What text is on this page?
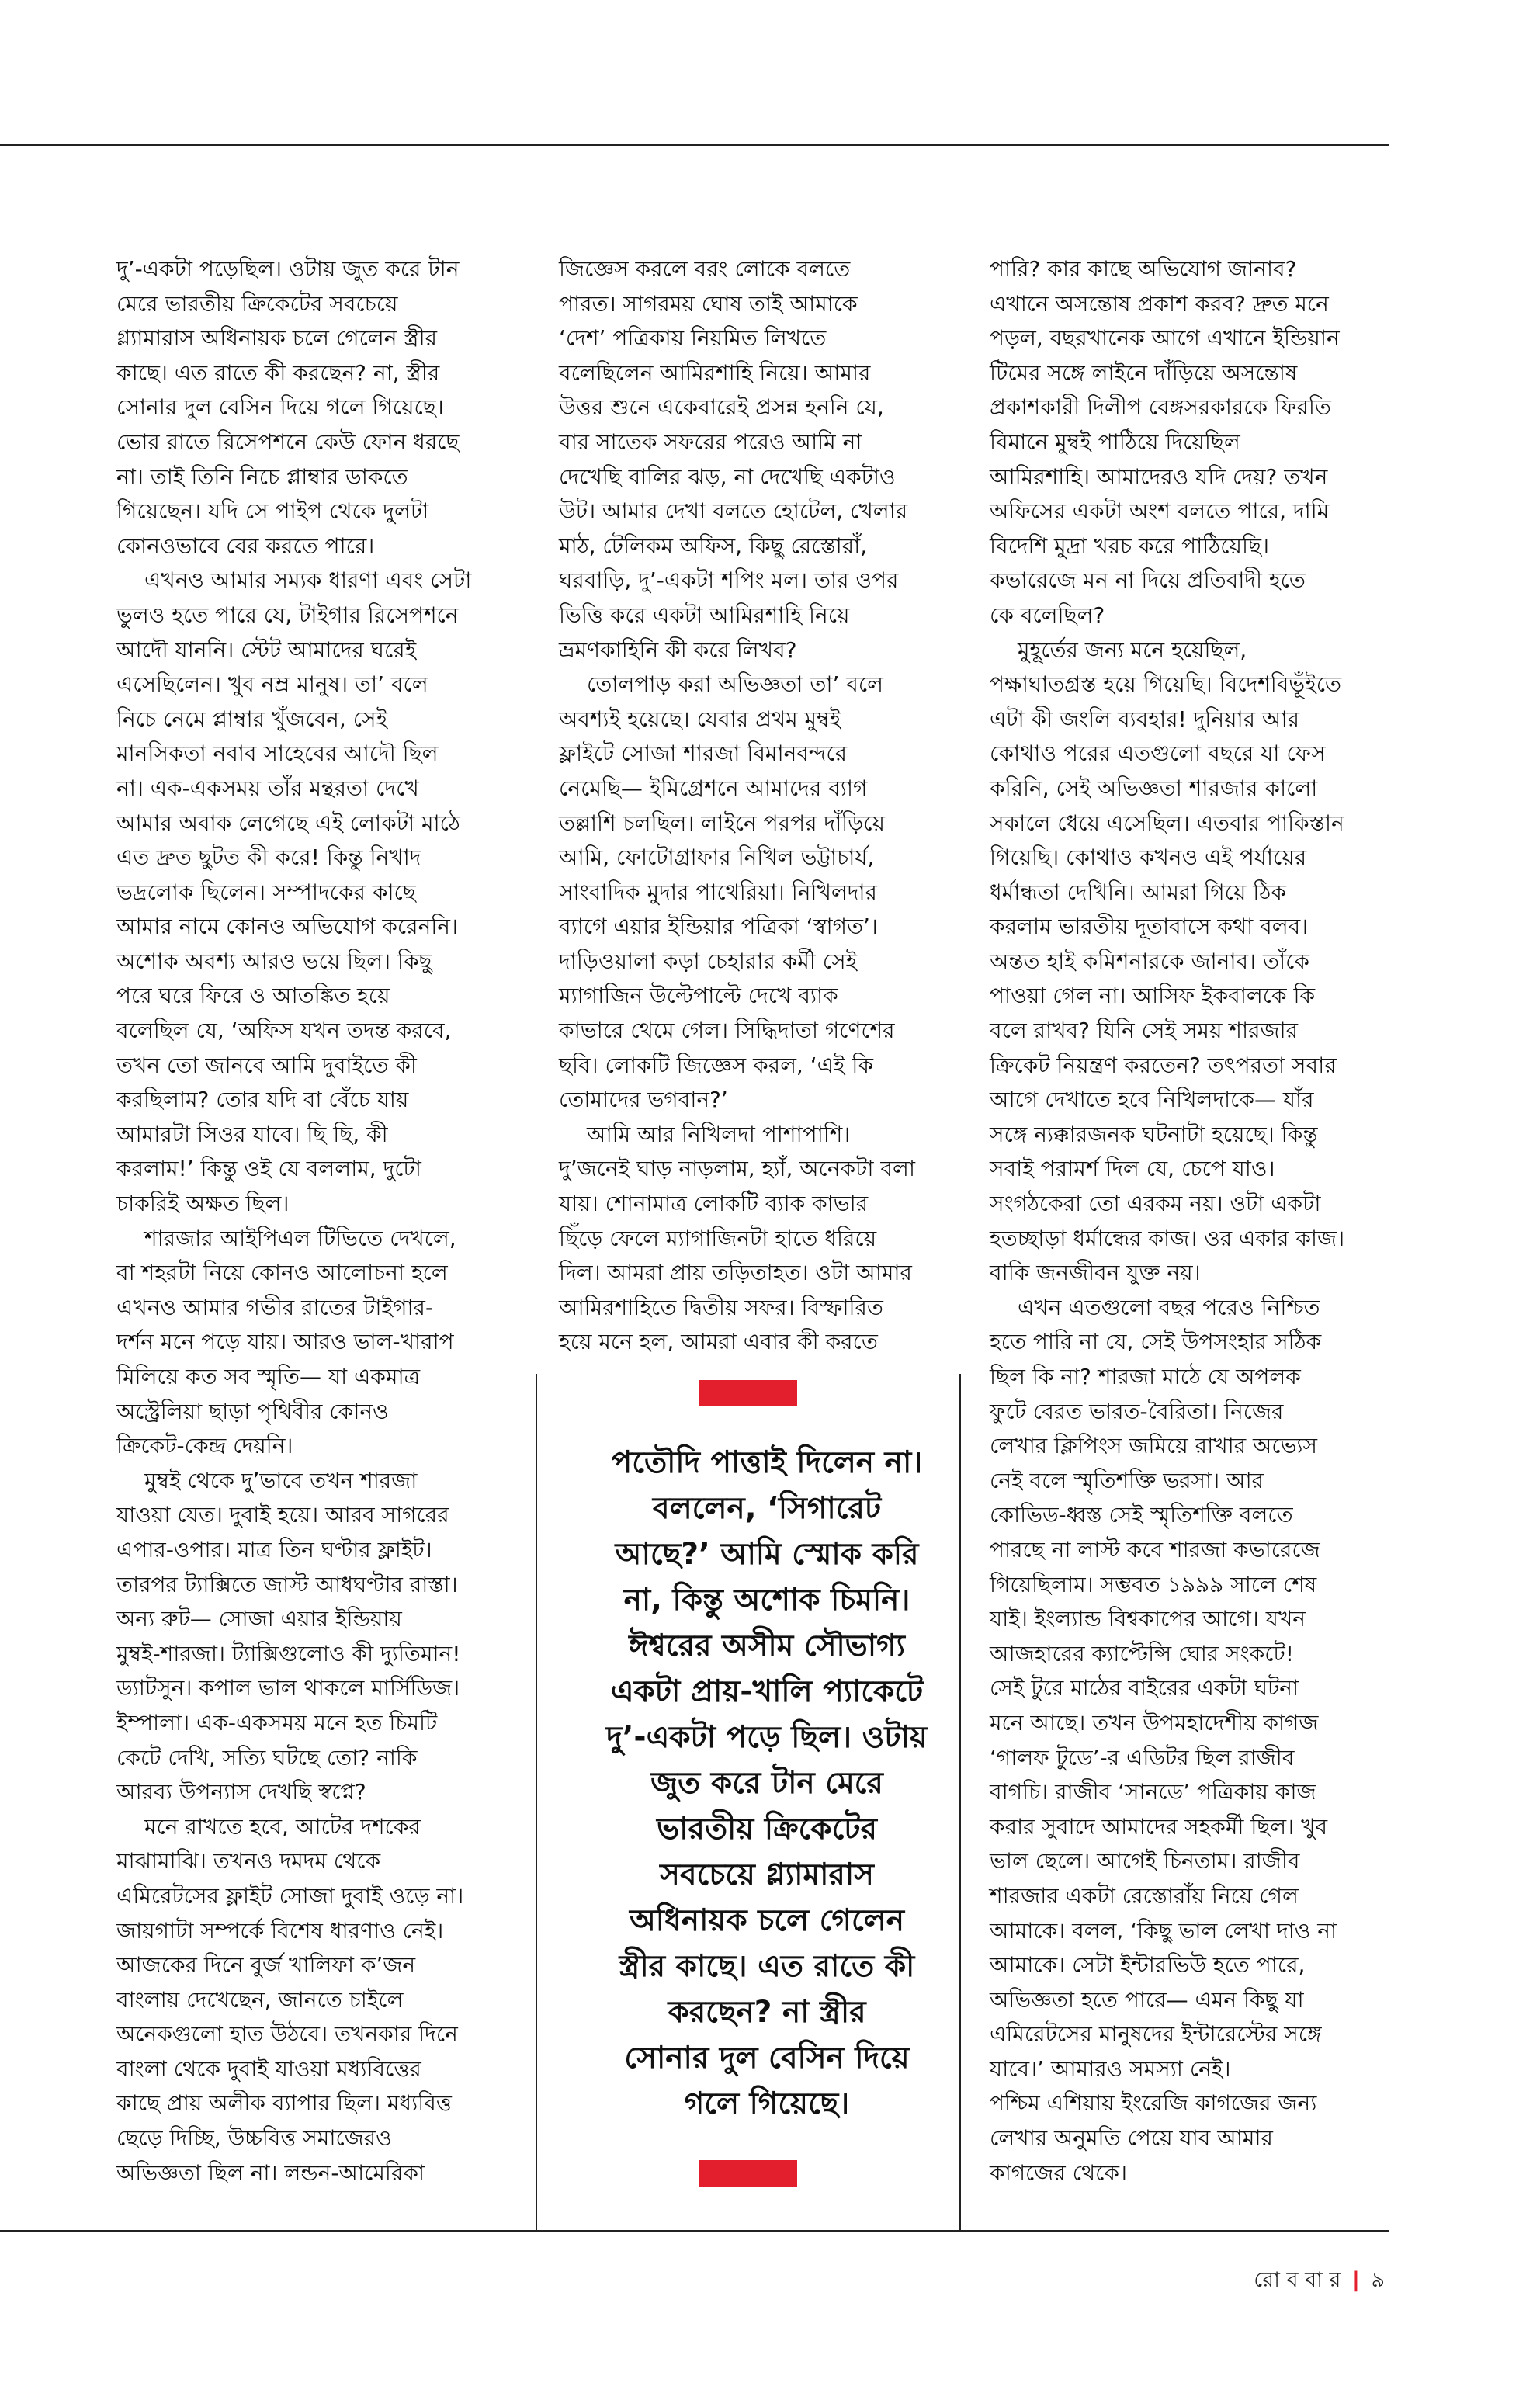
দু’-একটা পড়েছিল। ওটায় জুত করে টান
মেরে ভারতীয় ক্রিকেটের সবচেয়ে
গ্ল্যামারাস অধিনায়ক চলে গেলেন স্ত্রীর
কাছে। এত রাতে কী করছেন? না, স্ত্রীর
সোনার দুল বেসিন দিয়ে গলে গিয়েছে।
ভোর রাতে রিসেপশনে কেউ ফোন ধরছে
না। তাই তিনি নিচে প্লাম্বার ডাকতে
গিয়েছেন। যদি সে পাইপ থেকে দুলটা
কোনওভাবে বের করতে পারে।

এখনও আমার সম্যক ধারণা এবং সেটা
ভুলও হতে পারে যে, টাইগার রিসেপশনে
আদৌ যাননি। স্টেট আমাদের ঘরেই
এসেছিলেন। খুব নম্র মানুষ। তা’ বলে
নিচে নেমে প্লাম্বার খুঁজবেন, সেই
মানসিকতা নবাব সাহেবের আদৌ ছিল
না। এক-একসময় তাঁর মন্থরতা দেখে
আমার অবাক লেগেছে এই লোকটা মাঠে
এত দ্রুত ছুটত কী করে! কিন্তু নিখাদ
ভদ্রলোক ছিলেন। সম্পাদকের কাছে
আমার নামে কোনও অভিযোগ করেননি।
অশোক অবশ্য আরও ভয়ে ছিল। কিছু
পরে ঘরে ফিরে ও আতঙ্কিত হয়ে
বলেছিল যে, ‘অফিস যখন তদন্ত করবে,
তখন তো জানবে আমি দুবাইতে কী
করছিলাম? তোর যদি বা বেঁচে যায়
আমারটা সিওর যাবে। ছি ছি, কী
করলাম!’ কিন্তু ওই যে বললাম, দুটো
চাকরিই অক্ষত ছিল।

শারজার আইপিএল টিভিতে দেখলে,
বা শহরটা নিয়ে কোনও আলোচনা হলে
এখনও আমার গভীর রাতের টাইগার-
দর্শন মনে পড়ে যায়। আরও ভাল-খারাপ
মিলিয়ে কত সব স্মৃতি— যা একমাত্র
অস্ট্রেলিয়া ছাড়া পৃথিবীর কোনও
ক্রিকেট-কেন্দ্র দেয়নি।

মুম্বই থেকে দু’ভাবে তখন শারজা
যাওয়া যেত। দুবাই হয়ে। আরব সাগরের
এপার-ওপার। মাত্র তিন ঘণ্টার ফ্লাইট।
তারপর ট্যাক্সিতে জাস্ট আধঘণ্টার রাস্তা।
অন্য রুট— সোজা এয়ার ইন্ডিয়ায়
মুম্বই-শারজা। ট্যাক্সিগুলোও কী দ্যুতিমান!
ড্যাটসুন। কপাল ভাল থাকলে মার্সিডিজ।
ইম্পালা। এক-একসময় মনে হত চিমটি
কেটে দেখি, সত্যি ঘটছে তো? নাকি
আরব্য উপন্যাস দেখছি স্বপ্নে?

মনে রাখতে হবে, আটের দশকের
মাঝামাঝি। তখনও দমদম থেকে
এমিরেটসের ফ্লাইট সোজা দুবাই ওড়ে না।
জায়গাটা সম্পর্কে বিশেষ ধারণাও নেই।
আজকের দিনে বুর্জ খালিফা ক’জন
বাংলায় দেখেছেন, জানতে চাইলে
অনেকগুলো হাত উঠবে। তখনকার দিনে
বাংলা থেকে দুবাই যাওয়া মধ্যবিত্তের
কাছে প্রায় অলীক ব্যাপার ছিল। মধ্যবিত্ত
ছেড়ে দিচ্ছি, উচ্চবিত্ত সমাজেরও
অভিজ্ঞতা ছিল না। লন্ডন-আমেরিকা

জিজ্ঞেস করলে বরং লোকে বলতে
পারত। সাগরময় ঘোষ তাই আমাকে
‘দেশ’ পত্রিকায় নিয়মিত লিখতে
বলেছিলেন আমিরশাহি নিয়ে। আমার
উত্তর শুনে একেবারেই প্রসন্ন হননি যে,
বার সাতেক সফরের পরেও আমি না
দেখেছি বালির ঝড়, না দেখেছি একটাও
উট। আমার দেখা বলতে হোটেল, খেলার
মাঠ, টেলিকম অফিস, কিছু রেস্তোরাঁ,
ঘরবাড়ি, দু’-একটা শপিং মল। তার ওপর
ভিত্তি করে একটা আমিরশাহি নিয়ে
ভ্রমণকাহিনি কী করে লিখব?

তোলপাড় করা অভিজ্ঞতা তা’ বলে
অবশ্যই হয়েছে। যেবার প্রথম মুম্বই
ফ্লাইটে সোজা শারজা বিমানবন্দরে
নেমেছি— ইমিগ্রেশনে আমাদের ব্যাগ
তল্লাশি চলছিল। লাইনে পরপর দাঁড়িয়ে
আমি, ফোটোগ্রাফার নিখিল ভট্টাচার্য,
সাংবাদিক মুদার পাথেরিয়া। নিখিলদার
ব্যাগে এয়ার ইন্ডিয়ার পত্রিকা ‘স্বাগত’।
দাড়িওয়ালা কড়া চেহারার কর্মী সেই
ম্যাগাজিন উল্টেপাল্টে দেখে ব্যাক
কাভারে থেমে গেল। সিদ্ধিদাতা গণেশের
ছবি। লোকটি জিজ্ঞেস করল, ‘এই কি
তোমাদের ভগবান?’

আমি আর নিখিলদা পাশাপাশি।
দু’জনেই ঘাড় নাড়লাম, হ্যাঁ, অনেকটা বলা
যায়। শোনামাত্র লোকটি ব্যাক কাভার
ছিঁড়ে ফেলে ম্যাগাজিনটা হাতে ধরিয়ে
দিল। আমরা প্রায় তড়িতাহত। ওটা আমার
আমিরশাহিতে দ্বিতীয় সফর। বিস্ফারিত
হয়ে মনে হল, আমরা এবার কী করতে

পতৌদি পাত্তাই দিলেন না।
বললেন, ‘সিগারেট
আছে?’ আমি স্মোক করি
না, কিন্তু অশোক চিমনি।
ঈশ্বরের অসীম সৌভাগ্য
একটা প্রায়-খালি প্যাকেটে
দু’-একটা পড়ে ছিল। ওটায়
জুত করে টান মেরে
ভারতীয় ক্রিকেটের
সবচেয়ে গ্ল্যামারাস
অধিনায়ক চলে গেলেন
স্ত্রীর কাছে। এত রাতে কী
করছেন? না স্ত্রীর
সোনার দুল বেসিন দিয়ে
গলে গিয়েছে।

পারি? কার কাছে অভিযোগ জানাব?
এখানে অসন্তোষ প্রকাশ করব? দ্রুত মনে
পড়ল, বছরখানেক আগে এখানে ইন্ডিয়ান
টিমের সঙ্গে লাইনে দাঁড়িয়ে অসন্তোষ
প্রকাশকারী দিলীপ বেঙ্গসরকারকে ফিরতি
বিমানে মুম্বই পাঠিয়ে দিয়েছিল
আমিরশাহি। আমাদেরও যদি দেয়? তখন
অফিসের একটা অংশ বলতে পারে, দামি
বিদেশি মুদ্রা খরচ করে পাঠিয়েছি।
কভারেজে মন না দিয়ে প্রতিবাদী হতে
কে বলেছিল?

মুহূর্তের জন্য মনে হয়েছিল,
পক্ষাঘাতগ্রস্ত হয়ে গিয়েছি। বিদেশবিভূঁইতে
এটা কী জংলি ব্যবহার! দুনিয়ার আর
কোথাও পরের এতগুলো বছরে যা ফেস
করিনি, সেই অভিজ্ঞতা শারজার কালো
সকালে ধেয়ে এসেছিল। এতবার পাকিস্তান
গিয়েছি। কোথাও কখনও এই পর্যায়ের
ধর্মান্ধতা দেখিনি। আমরা গিয়ে ঠিক
করলাম ভারতীয় দূতাবাসে কথা বলব।
অন্তত হাই কমিশনারকে জানাব। তাঁকে
পাওয়া গেল না। আসিফ ইকবালকে কি
বলে রাখব? যিনি সেই সময় শারজার
ক্রিকেট নিয়ন্ত্রণ করতেন? তৎপরতা সবার
আগে দেখাতে হবে নিখিলদাকে— যাঁর
সঙ্গে ন্যক্কারজনক ঘটনাটা হয়েছে। কিন্তু
সবাই পরামর্শ দিল যে, চেপে যাও।
সংগঠকেরা তো এরকম নয়। ওটা একটা
হতচ্ছাড়া ধর্মান্ধের কাজ। ওর একার কাজ।
বাকি জনজীবন যুক্ত নয়।

এখন এতগুলো বছর পরেও নিশ্চিত
হতে পারি না যে, সেই উপসংহার সঠিক
ছিল কি না? শারজা মাঠে যে অপলক
ফুটে বেরত ভারত-বৈরিতা। নিজের
লেখার ক্লিপিংস জমিয়ে রাখার অভ্যেস
নেই বলে স্মৃতিশক্তি ভরসা। আর
কোভিড-ধ্বস্ত সেই স্মৃতিশক্তি বলতে
পারছে না লাস্ট কবে শারজা কভারেজে
গিয়েছিলাম। সম্ভবত ১৯৯৯ সালে শেষ
যাই। ইংল্যান্ড বিশ্বকাপের আগে। যখন
আজহারের ক্যাপ্টেন্সি ঘোর সংকটে!
সেই টুরে মাঠের বাইরের একটা ঘটনা
মনে আছে। তখন উপমহাদেশীয় কাগজ
‘গালফ টুডে’-র এডিটর ছিল রাজীব
বাগচি। রাজীব ‘সানডে’ পত্রিকায় কাজ
করার সুবাদে আমাদের সহকর্মী ছিল। খুব
ভাল ছেলে। আগেই চিনতাম। রাজীব
শারজার একটা রেস্তোরাঁয় নিয়ে গেল
আমাকে। বলল, ‘কিছু ভাল লেখা দাও না
আমাকে। সেটা ইন্টারভিউ হতে পারে,
অভিজ্ঞতা হতে পারে— এমন কিছু যা
এমিরেটসের মানুষদের ইন্টারেস্টের সঙ্গে
যাবে।’ আমারও সমস্যা নেই।
পশ্চিম এশিয়ায় ইংরেজি কাগজের জন্য
লেখার অনুমতি পেয়ে যাব আমার
কাগজের থেকে।

রো ব বা র | ৯
